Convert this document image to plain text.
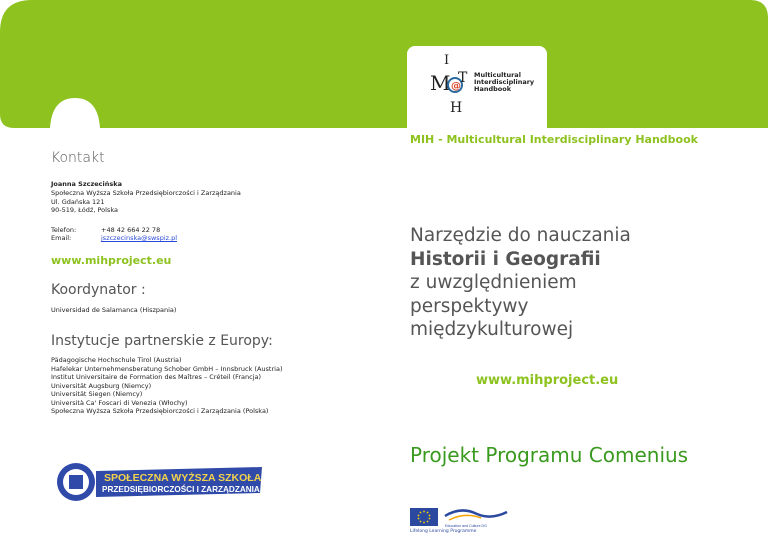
I
M @
T
H
Multicultural
Interdisciplinary
Handbook
MIH - Multicultural Interdisciplinary Handbook
Kontakt
Joanna Szczecińska
Społeczna Wyższa Szkoła Przedsiębiorczości i Zarządzania
Ul. Gdańska 121
90-519, Łódź, Polska
Telefon:	+48 42 664 22 78
Email:	jszczecinska@swspiz.pl
www.mihproject.eu
Koordynator :
Universidad de Salamanca (Hiszpania)
Instytucje partnerskie z Europy:
Pädagogische Hochschule Tirol (Austria)
Hafelekar Unternehmensberatung Schober GmbH – Innsbruck (Austria)
Institut Universitaire de Formation des Maîtres – Créteil (Francja)
Universität Augsburg (Niemcy)
Universität Siegen (Niemcy)
Università Ca' Foscari di Venezia (Włochy)
Społeczna Wyższa Szkoła Przedsiębiorczości i Zarządzania (Polska)
SPOŁECZNA WYŻSZA SZKOŁA
PRZEDSIĘBIORCZOŚCI I ZARZĄDZANIA
Narzędzie do nauczania
Historii i Geografii
z uwzględnieniem
perspektywy
międzykulturowej
www.mihproject.eu
Projekt Programu Comenius
Education and Culture DG
Lifelong Learning Programme
